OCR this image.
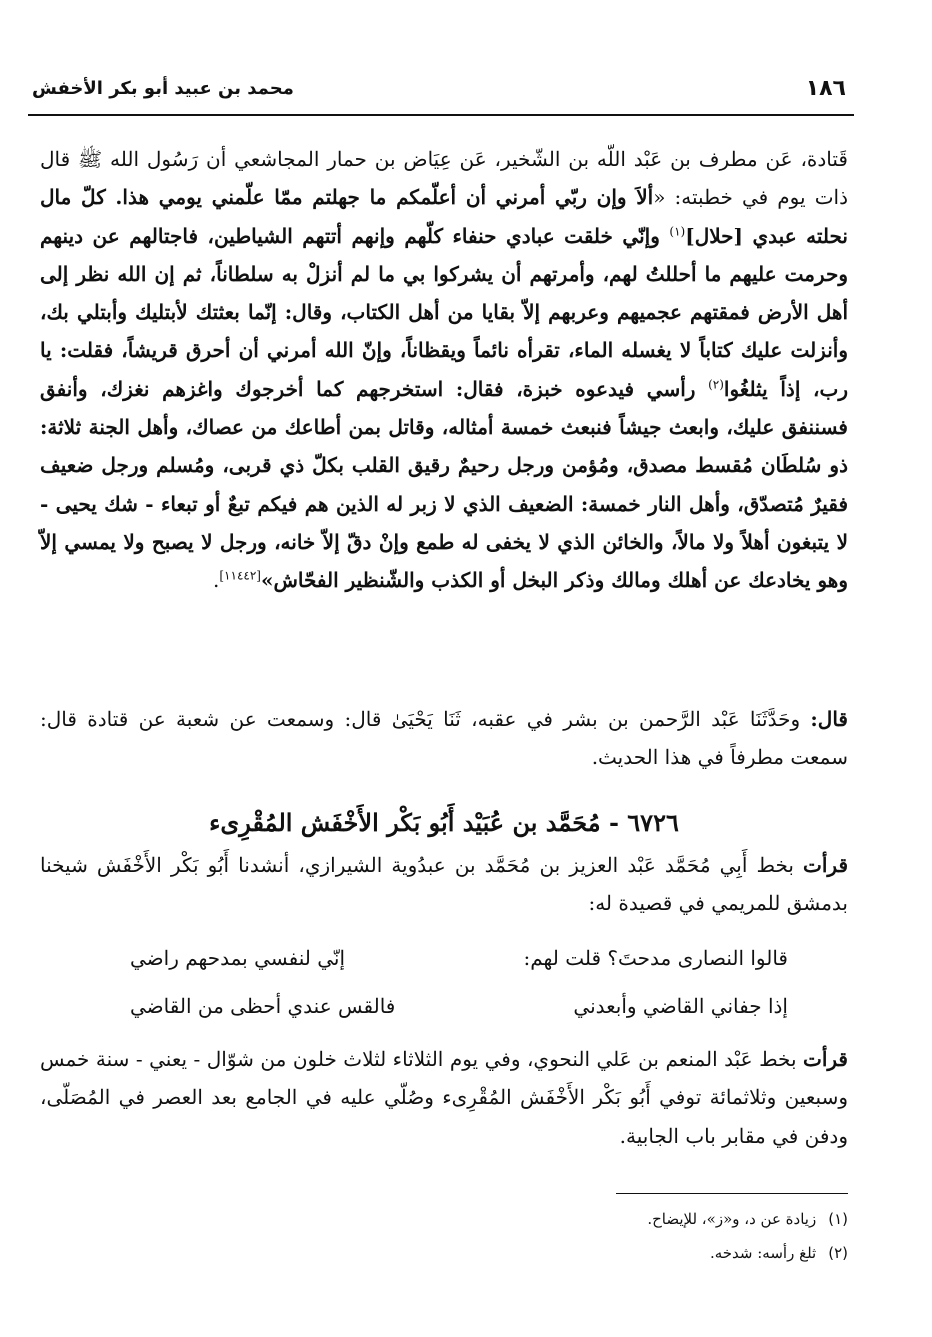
١٨٦
محمد بن عبيد أبو بكر الأخفش

قَتادة، عَن مطرف بن عَبْد اللّه بن الشّخير، عَن عِيَاض بن حمار المجاشعي أن رَسُول الله ﷺ قال ذات يوم في خطبته: «ألاَ وإن ربّي أمرني أن أعلّمكم ما جهلتم ممّا علّمني يومي هذا. كلّ مال نحلته عبدي [حلال]$^{(١)}$ وإنّي خلقت عبادي حنفاء كلّهم وإنهم أتتهم الشياطين، فاجتالهم عن دينهم وحرمت عليهم ما أحللتُ لهم، وأمرتهم أن يشركوا بي ما لم أنزلْ به سلطاناً، ثم إن الله نظر إلى أهل الأرض فمقتهم عجميهم وعربهم إلاّ بقايا من أهل الكتاب، وقال: إنّما بعثتك لأبتليك وأبتلي بك، وأنزلت عليك كتاباً لا يغسله الماء، تقرأه نائماً ويقظاناً، وإنّ الله أمرني أن أحرق قريشاً، فقلت: يا رب، إذاً يثلغُوا$^{(٢)}$ رأسي فيدعوه خبزة، فقال: استخرجهم كما أخرجوك واغزهم نغزك، وأنفق فسننفق عليك، وابعث جيشاً فنبعث خمسة أمثاله، وقاتل بمن أطاعك من عصاك، وأهل الجنة ثلاثة: ذو سُلطَان مُقسط مصدق، ومُؤمن ورجل رحيمٌ رقيق القلب بكلّ ذي قربى، ومُسلم ورجل ضعيف فقيرٌ مُتصدّق، وأهل النار خمسة: الضعيف الذي لا زبر له الذين هم فيكم تبعٌ أو تبعاء - شك يحيى - لا يتبغون أهلاً ولا مالاً، والخائن الذي لا يخفى له طمع وإنْ دقّ إلاّ خانه، ورجل لا يصبح ولا يمسي إلاّ وهو يخادعك عن أهلك ومالك وذكر البخل أو الكذب والشّنظير الفحّاش»[١١٤٤٢].

قال: وحَدَّثَنَا عَبْد الرَّحمن بن بشر في عقبه، ثَنَا يَحْيَىٰ قال: وسمعت عن شعبة عن قتادة قال: سمعت مطرفاً في هذا الحديث.

٦٧٢٦ - مُحَمَّد بن عُبَيْد أَبُو بَكْر الأَخْفَش المُقْرِىء

قرأت بخط أَبِي مُحَمَّد عَبْد العزيز بن مُحَمَّد بن عبدُوية الشيرازي، أنشدنا أَبُو بَكْر الأَخْفَش شيخنا بدمشق للمريمي في قصيدة له:

قالوا النصارى مدحتَ؟ قلت لهم:
إنّي لنفسي بمدحهم راضي
إذا جفاني القاضي وأبعدني
فالقس عندي أحظى من القاضي

قرأت بخط عَبْد المنعم بن عَلي النحوي، وفي يوم الثلاثاء لثلاث خلون من شوّال - يعني - سنة خمس وسبعين وثلاثمائة توفي أَبُو بَكْر الأَخْفَش المُقْرِىء وصُلّي عليه في الجامع بعد العصر في المُصَلّى، ودفن في مقابر باب الجابية.

(١)زيادة عن د، و«ز»، للإيضاح.

(٢)ثلغ رأسه: شدخه.
